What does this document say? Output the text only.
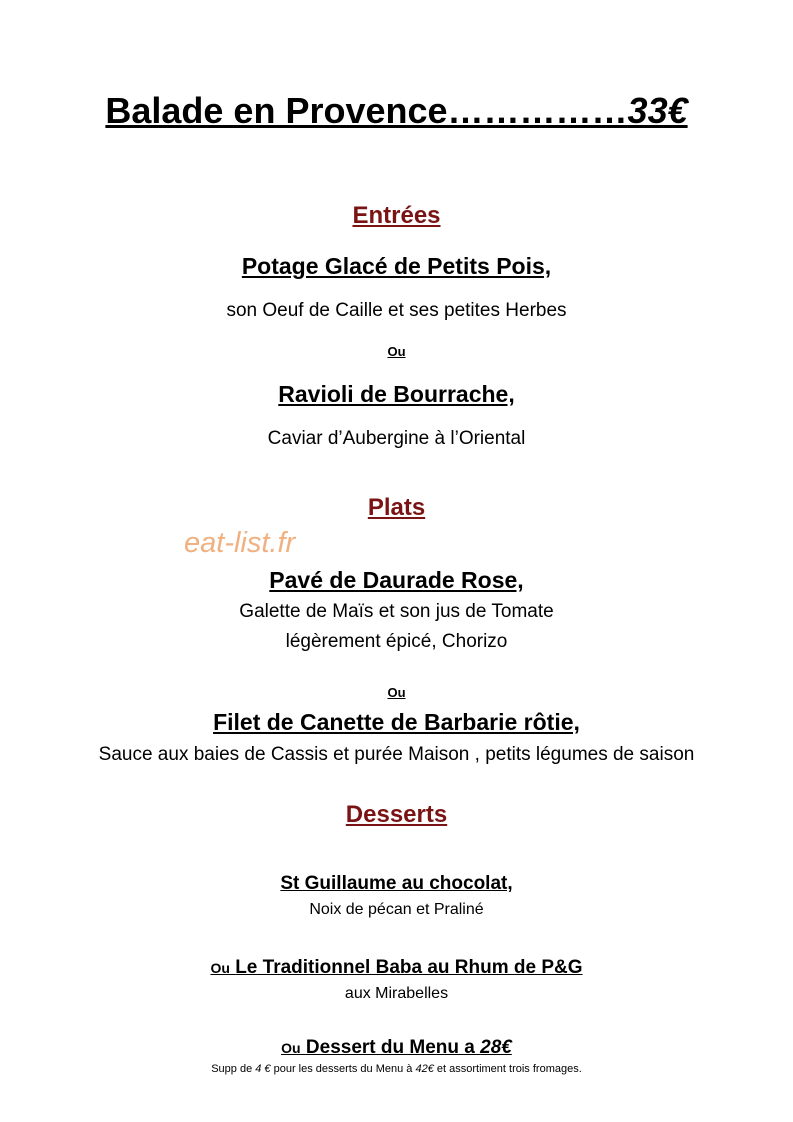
Balade en Provence……………33€
Entrées
Potage Glacé de Petits Pois,
son Oeuf de Caille et ses petites Herbes
Ou
Ravioli de Bourrache,
Caviar d’Aubergine à l’Oriental
Plats
eat-list.fr
Pavé de Daurade Rose,
Galette de Maïs et son jus de Tomate
légèrement épicé, Chorizo
Ou
Filet de Canette de Barbarie rôtie,
Sauce aux baies de Cassis et purée Maison , petits légumes de saison
Desserts
St Guillaume au chocolat,
Noix de pécan et Praliné
Ou Le Traditionnel Baba au Rhum de P&G
aux Mirabelles
Ou Dessert du Menu a 28€
Supp de 4 € pour les desserts du Menu à 42€ et assortiment trois fromages.
